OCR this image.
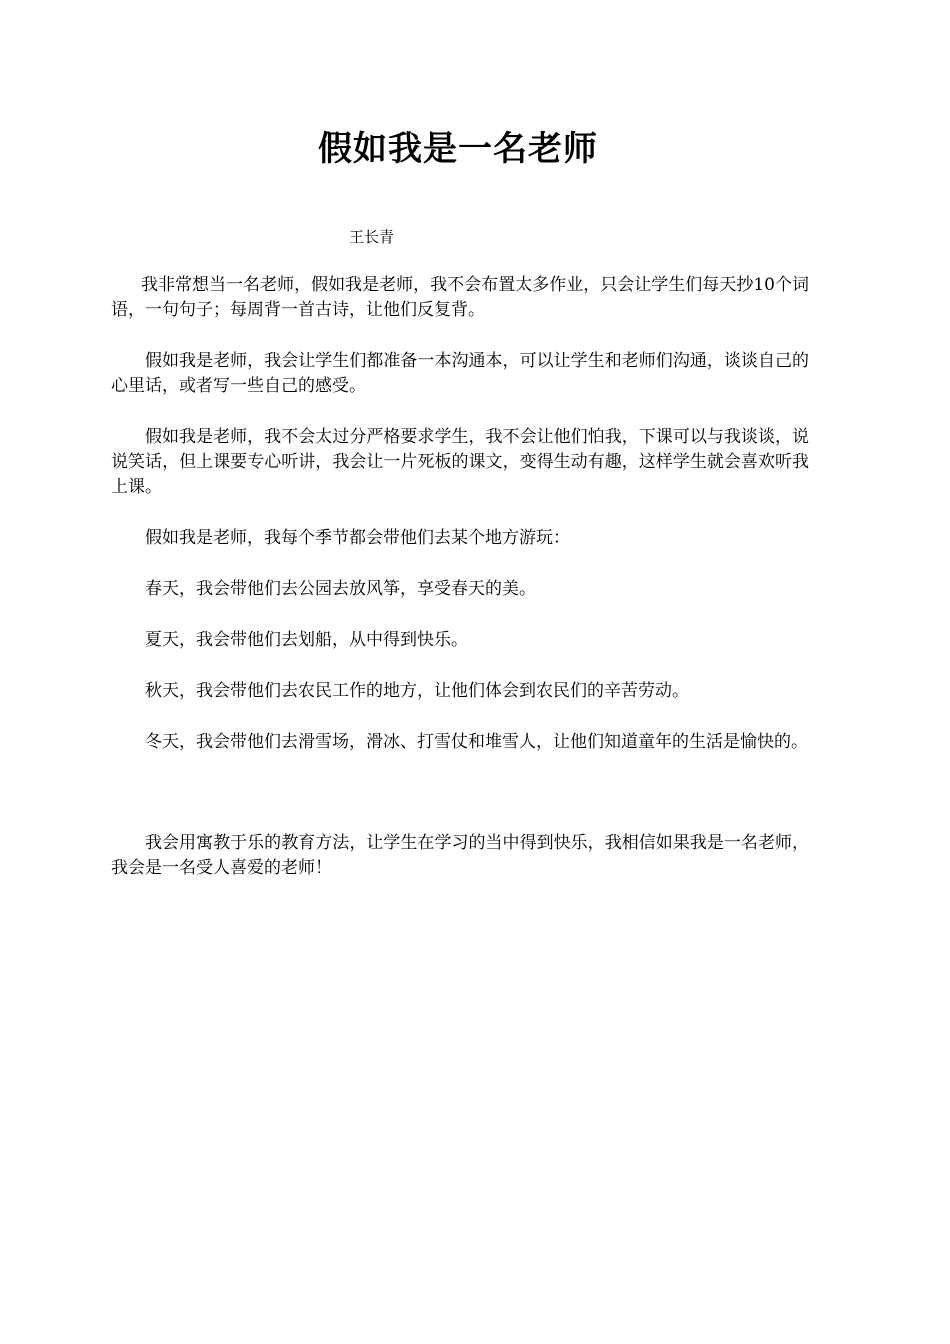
假如我是一名老师
王长青

我非常想当一名老师，假如我是老师，我不会布置太多作业，只会让学生们每天抄10个词语，一句句子；每周背一首古诗，让他们反复背。

假如我是老师，我会让学生们都准备一本沟通本，可以让学生和老师们沟通，谈谈自己的心里话，或者写一些自己的感受。

假如我是老师，我不会太过分严格要求学生，我不会让他们怕我，下课可以与我谈谈，说说笑话，但上课要专心听讲，我会让一片死板的课文，变得生动有趣，这样学生就会喜欢听我上课。

假如我是老师，我每个季节都会带他们去某个地方游玩：

春天，我会带他们去公园去放风筝，享受春天的美。

夏天，我会带他们去划船，从中得到快乐。

秋天，我会带他们去农民工作的地方，让他们体会到农民们的辛苦劳动。

冬天，我会带他们去滑雪场，滑冰、打雪仗和堆雪人，让他们知道童年的生活是愉快的。

我会用寓教于乐的教育方法，让学生在学习的当中得到快乐，我相信如果我是一名老师，我会是一名受人喜爱的老师！
